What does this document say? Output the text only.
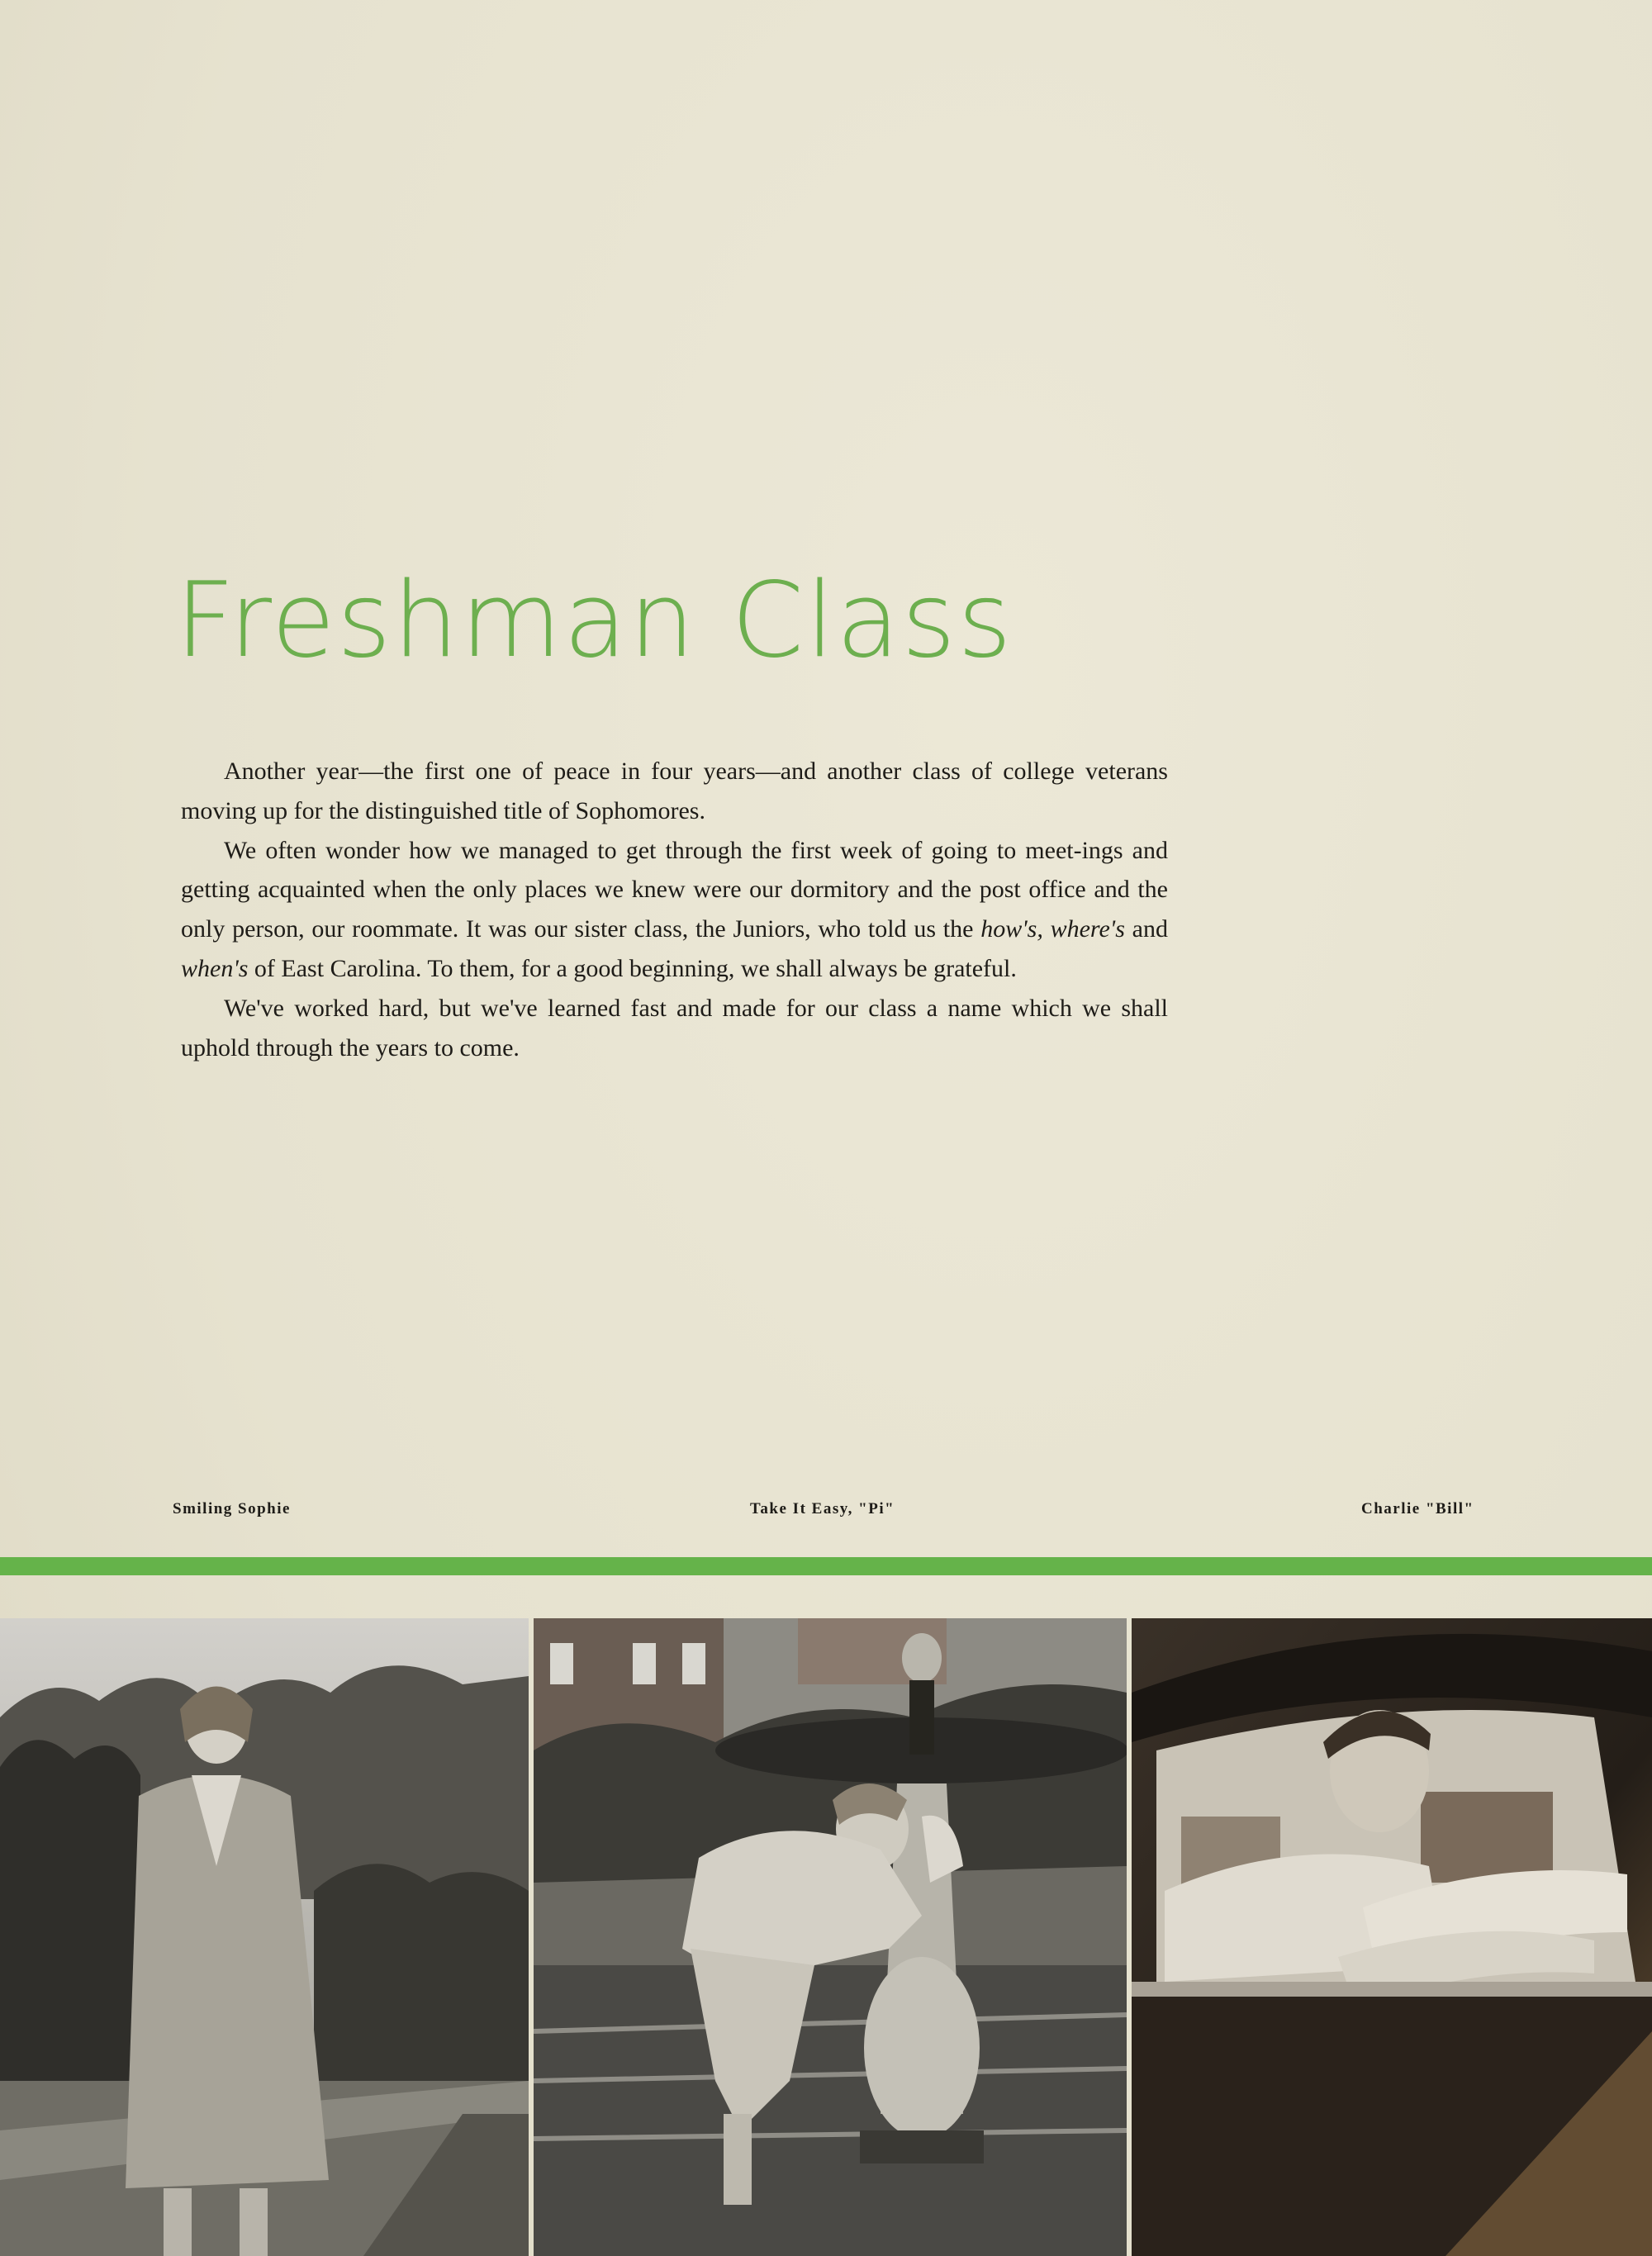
Freshman Class

Another year—the first one of peace in four years—and another class of college veterans moving up for the distinguished title of Sophomores.

We often wonder how we managed to get through the first week of going to meet-ings and getting acquainted when the only places we knew were our dormitory and the post office and the only person, our roommate. It was our sister class, the Juniors, who told us the how's, where's and when's of East Carolina. To them, for a good beginning, we shall always be grateful.

We've worked hard, but we've learned fast and made for our class a name which we shall uphold through the years to come.

Smiling Sophie	Take It Easy, "Pi"	Charlie "Bill"
